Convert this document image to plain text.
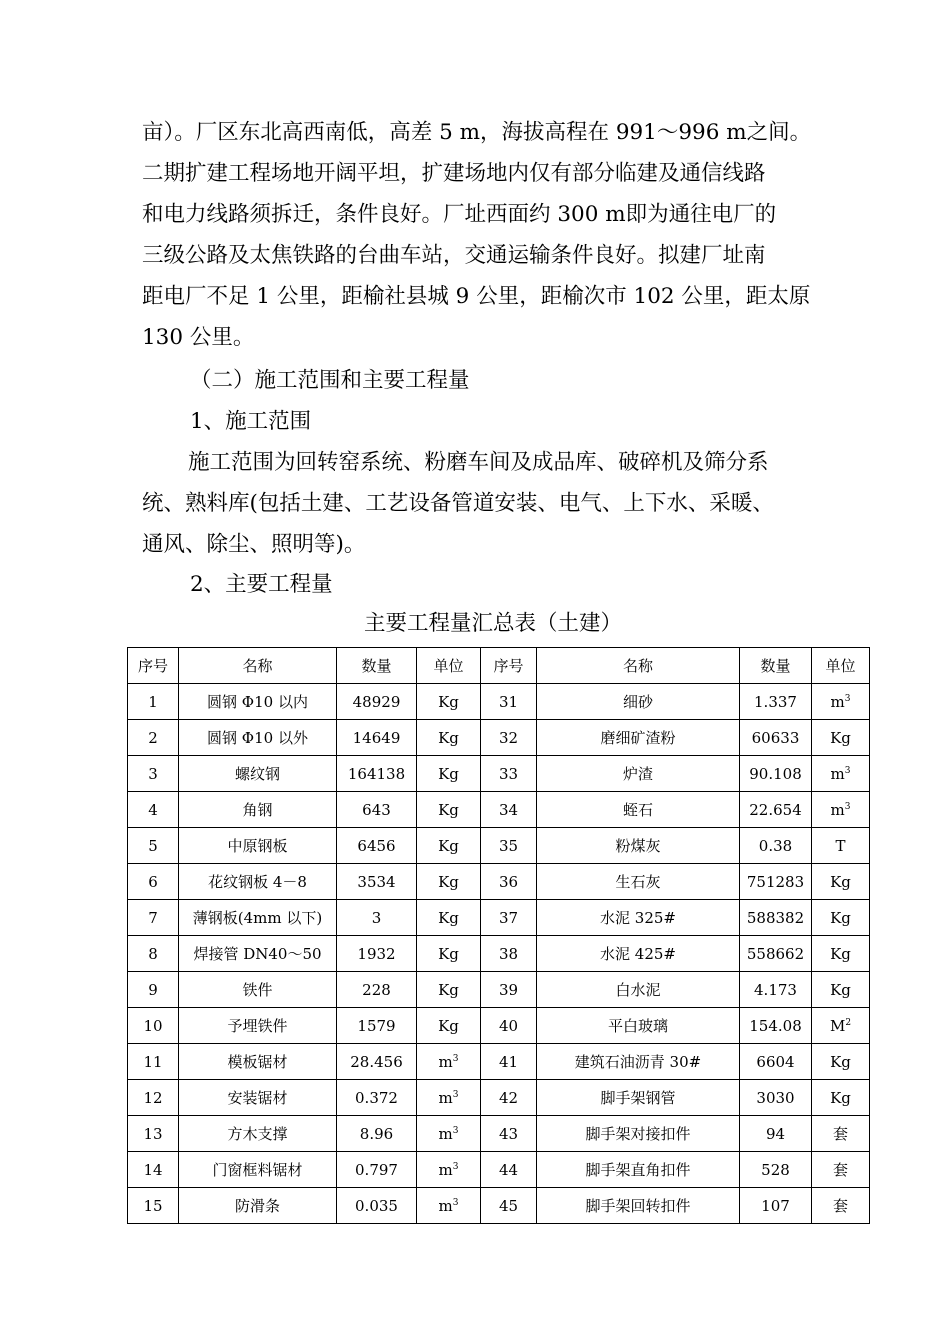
亩）。厂区东北高西南低，高差 5 m，海拔高程在 991～996 m之间。
二期扩建工程场地开阔平坦，扩建场地内仅有部分临建及通信线路
和电力线路须拆迁，条件良好。厂址西面约 300 m即为通往电厂的
三级公路及太焦铁路的台曲车站，交通运输条件良好。拟建厂址南
距电厂不足 1 公里，距榆社县城 9 公里，距榆次市 102 公里，距太原
130 公里。
（二）施工范围和主要工程量
1、施工范围
施工范围为回转窑系统、粉磨车间及成品库、破碎机及筛分系
统、熟料库(包括土建、工艺设备管道安装、电气、上下水、采暖、
通风、除尘、照明等)。
2、主要工程量
主要工程量汇总表（土建）
序号	名称	数量	单位	序号	名称	数量	单位
1	圆钢 Φ10 以内	48929	Kg	31	细砂	1.337	$m^3$
2	圆钢 Φ10 以外	14649	Kg	32	磨细矿渣粉	60633	Kg
3	螺纹钢	164138	Kg	33	炉渣	90.108	$m^3$
4	角钢	643	Kg	34	蛭石	22.654	$m^3$
5	中原钢板	6456	Kg	35	粉煤灰	0.38	T
6	花纹钢板 4－8	3534	Kg	36	生石灰	751283	Kg
7	薄钢板(4mm 以下)	3	Kg	37	水泥 325#	588382	Kg
8	焊接管 DN40～50	1932	Kg	38	水泥 425#	558662	Kg
9	铁件	228	Kg	39	白水泥	4.173	Kg
10	予埋铁件	1579	Kg	40	平白玻璃	154.08	$M^2$
11	模板锯材	28.456	$m^3$	41	建筑石油沥青 30#	6604	Kg
12	安装锯材	0.372	$m^3$	42	脚手架钢管	3030	Kg
13	方木支撑	8.96	$m^3$	43	脚手架对接扣件	94	套
14	门窗框料锯材	0.797	$m^3$	44	脚手架直角扣件	528	套
15	防滑条	0.035	$m^3$	45	脚手架回转扣件	107	套
